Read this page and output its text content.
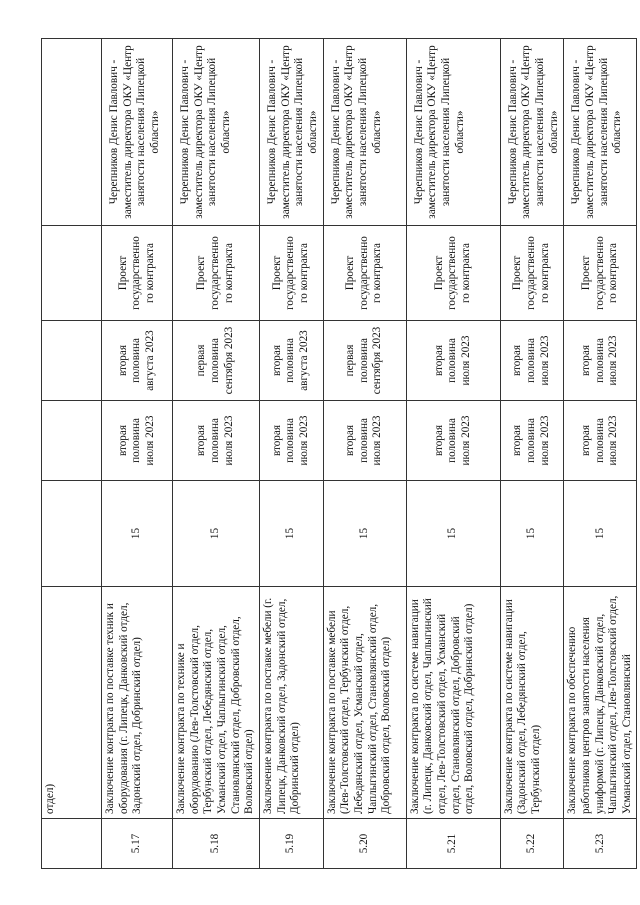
	отдел)					
5.17	Заключение контракта по поставке техник и оборудования (г. Липецк, Данковский отдел, Задонский отдел, Добринский отдел)	15	вторая половина июля 2023	вторая половина августа 2023	Проект государственно го контракта	Черепников Денис Павлович - заместитель директора ОКУ «Центр занятости населения Липецкой области»
5.18	Заключение контракта по технике и оборудованию (Лев-Толстовский отдел, Тербунский отдел, Лебедянский отдел, Усманский отдел, Чаплыгинский отдел, Становлянский отдел, Добровский отдел, Воловский отдел)	15	вторая половина июля 2023	первая половина сентября 2023	Проект государственно го контракта	Черепников Денис Павлович - заместитель директора ОКУ «Центр занятости населения Липецкой области»
5.19	Заключение контракта по поставке мебели (г. Липецк, Данковский отдел, Задонский отдел, Добринский отдел)	15	вторая половина июля 2023	вторая половина августа 2023	Проект государственно го контракта	Черепников Денис Павлович - заместитель директора ОКУ «Центр занятости населения Липецкой области»
5.20	Заключение контракта по поставке мебели (Лев-Толстовский отдел, Тербунский отдел, Лебедянский отдел, Усманский отдел, Чаплыгинский отдел, Становлянский отдел, Добровский отдел, Воловский отдел)	15	вторая половина июля 2023	первая половина сентября 2023	Проект государственно го контракта	Черепников Денис Павлович - заместитель директора ОКУ «Центр занятости населения Липецкой области»
5.21	Заключение контракта по системе навигации (г. Липецк, Данковский отдел, Чаплыгинский отдел, Лев-Толстовский отдел, Усманский отдел, Становлянский отдел, Добровский отдел, Воловский отдел, Добринский отдел)	15	вторая половина июля 2023	вторая половина июля 2023	Проект государственно го контракта	Черепников Денис Павлович - заместитель директора ОКУ «Центр занятости населения Липецкой области»
5.22	Заключение контракта по системе навигации (Задонский отдел, Лебедянский отдел, Тербунский отдел)	15	вторая половина июля 2023	вторая половина июля 2023	Проект государственно го контракта	Черепников Денис Павлович - заместитель директора ОКУ «Центр занятости населения Липецкой области»
5.23	Заключение контракта по обеспечению работников центров занятости населения униформой (г. Липецк, Данковский отдел, Чаплыгинский отдел, Лев-Толстовский отдел, Усманский отдел, Становлянский	15	вторая половина июля 2023	вторая половина июля 2023	Проект государственно го контракта	Черепников Денис Павлович - заместитель директора ОКУ «Центр занятости населения Липецкой области»
